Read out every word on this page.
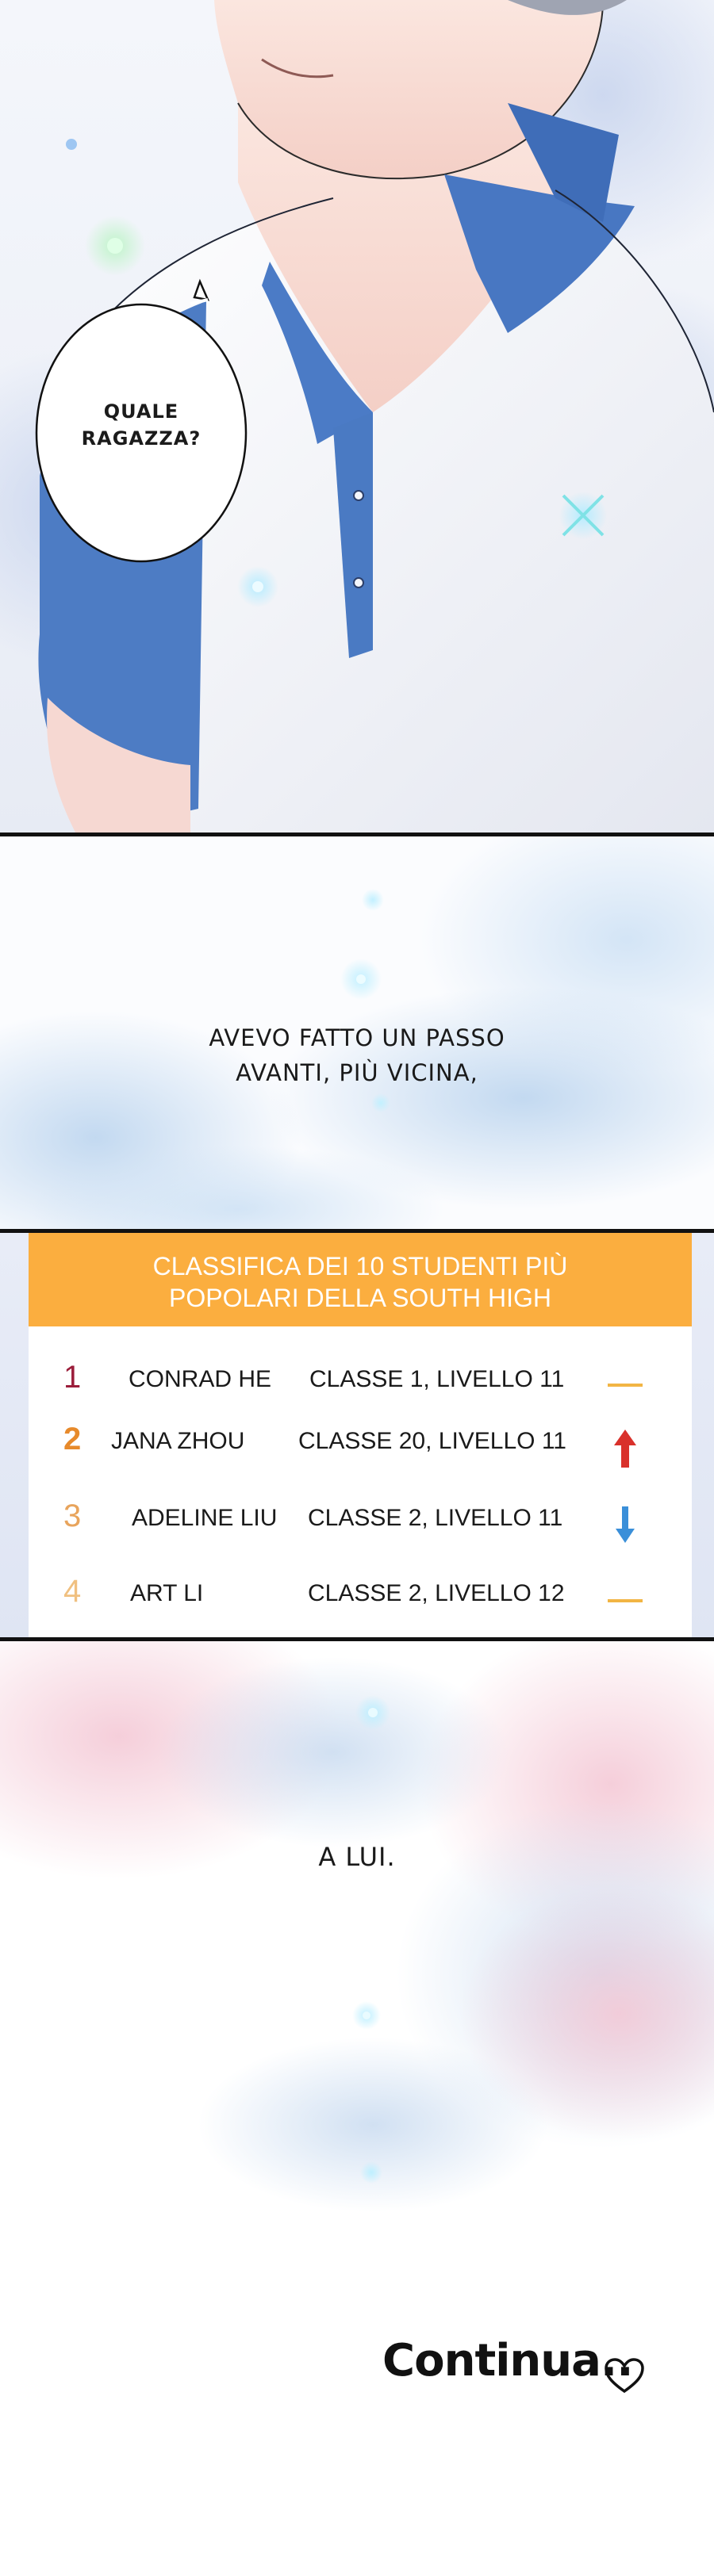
QUALE
RAGAZZA?
AVEVO FATTO UN PASSO
AVANTI, PIÙ VICINA,
CLASSIFICA DEI 10 STUDENTI PIÙ
POPOLARI DELLA SOUTH HIGH
1 CONRAD HE CLASSE 1, LIVELLO 11
2 JANA ZHOU CLASSE 20, LIVELLO 11
3 ADELINE LIU CLASSE 2, LIVELLO 11
4 ART LI	CLASSE 2, LIVELLO 12
A LUI.
Continua..
